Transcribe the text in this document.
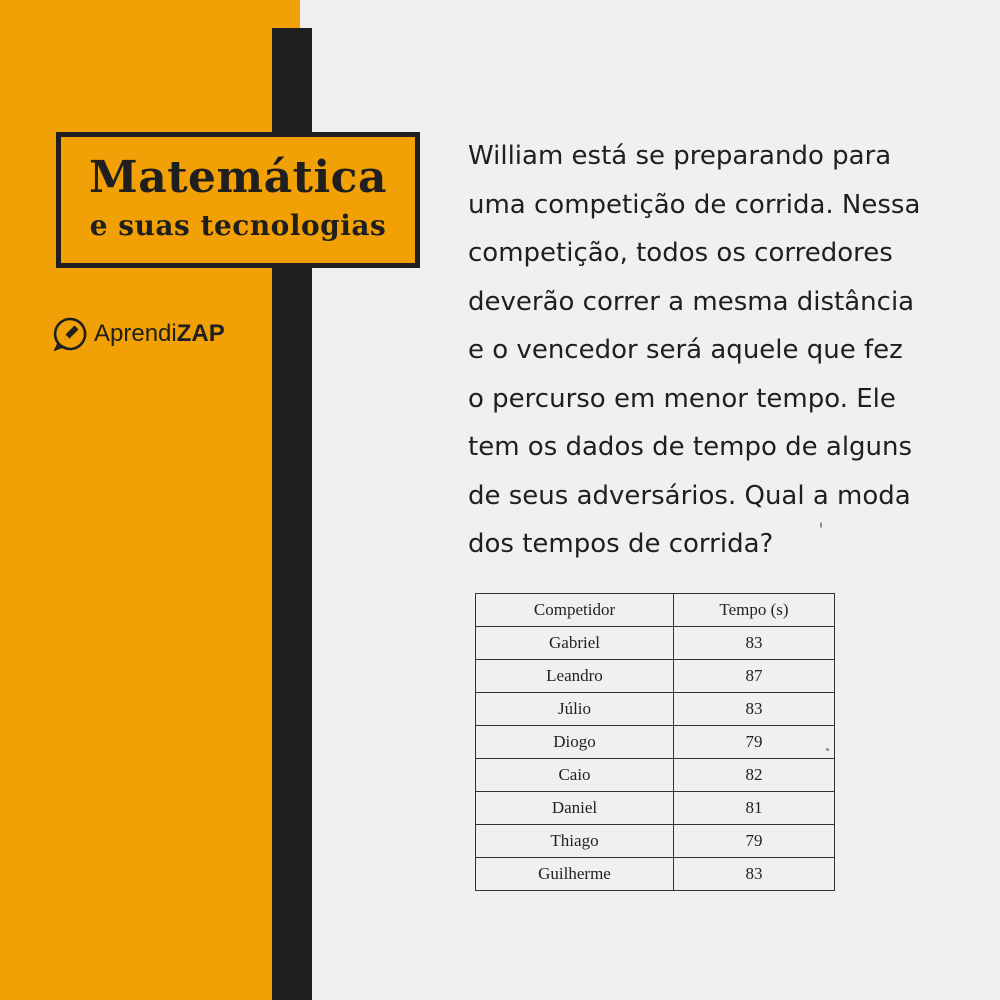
Matemática
e suas tecnologias
AprendiZAP
William está se preparando para
uma competição de corrida. Nessa
competição, todos os corredores
deverão correr a mesma distância
e o vencedor será aquele que fez
o percurso em menor tempo. Ele
tem os dados de tempo de alguns
de seus adversários. Qual a moda
dos tempos de corrida?
Competidor	Tempo (s)
Gabriel	83
Leandro	87
Júlio	83
Diogo	79
Caio	82
Daniel	81
Thiago	79
Guilherme	83
